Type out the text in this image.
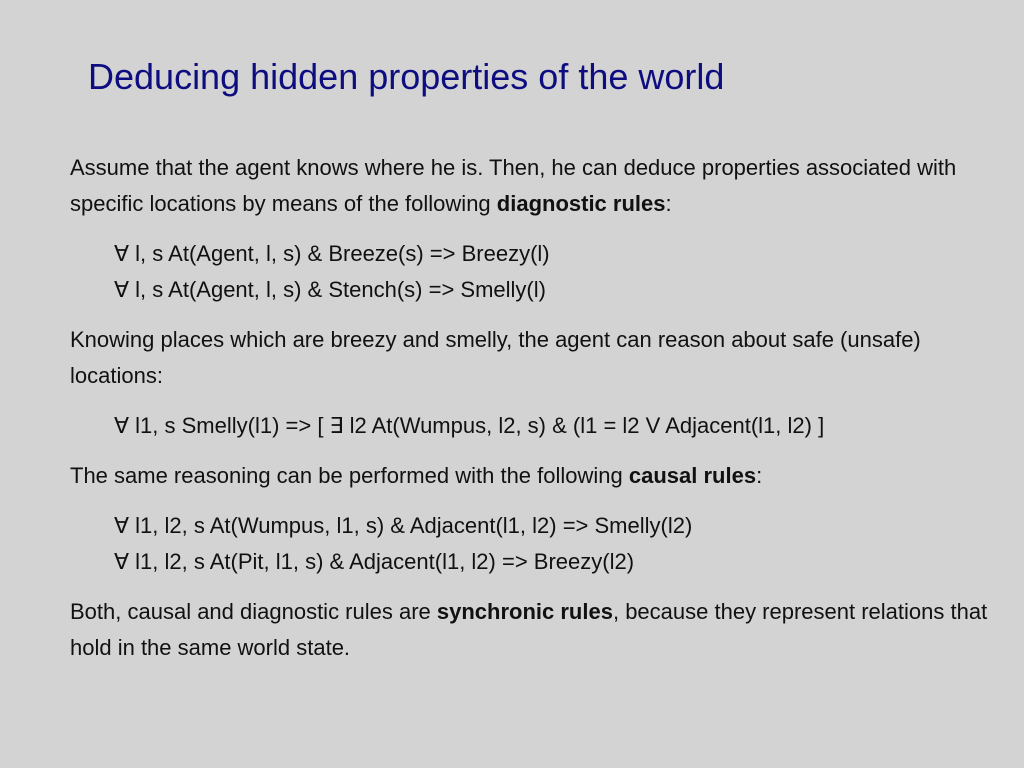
Deducing hidden properties of the world

Assume that the agent knows where he is. Then, he can deduce properties associated with specific locations by means of the following diagnostic rules:

∀ l, s At(Agent, l, s) & Breeze(s) => Breezy(l)

∀ l, s At(Agent, l, s) & Stench(s) => Smelly(l)

Knowing places which are breezy and smelly, the agent can reason about safe (unsafe) locations:

∀ l1, s Smelly(l1) => [ ∃ l2 At(Wumpus, l2, s) & (l1 = l2 V Adjacent(l1, l2) ]

The same reasoning can be performed with the following causal rules:

∀ l1, l2, s At(Wumpus, l1, s) & Adjacent(l1, l2) => Smelly(l2)

∀ l1, l2, s At(Pit, l1, s) & Adjacent(l1, l2) => Breezy(l2)

Both, causal and diagnostic rules are synchronic rules, because they represent relations that hold in the same world state.
